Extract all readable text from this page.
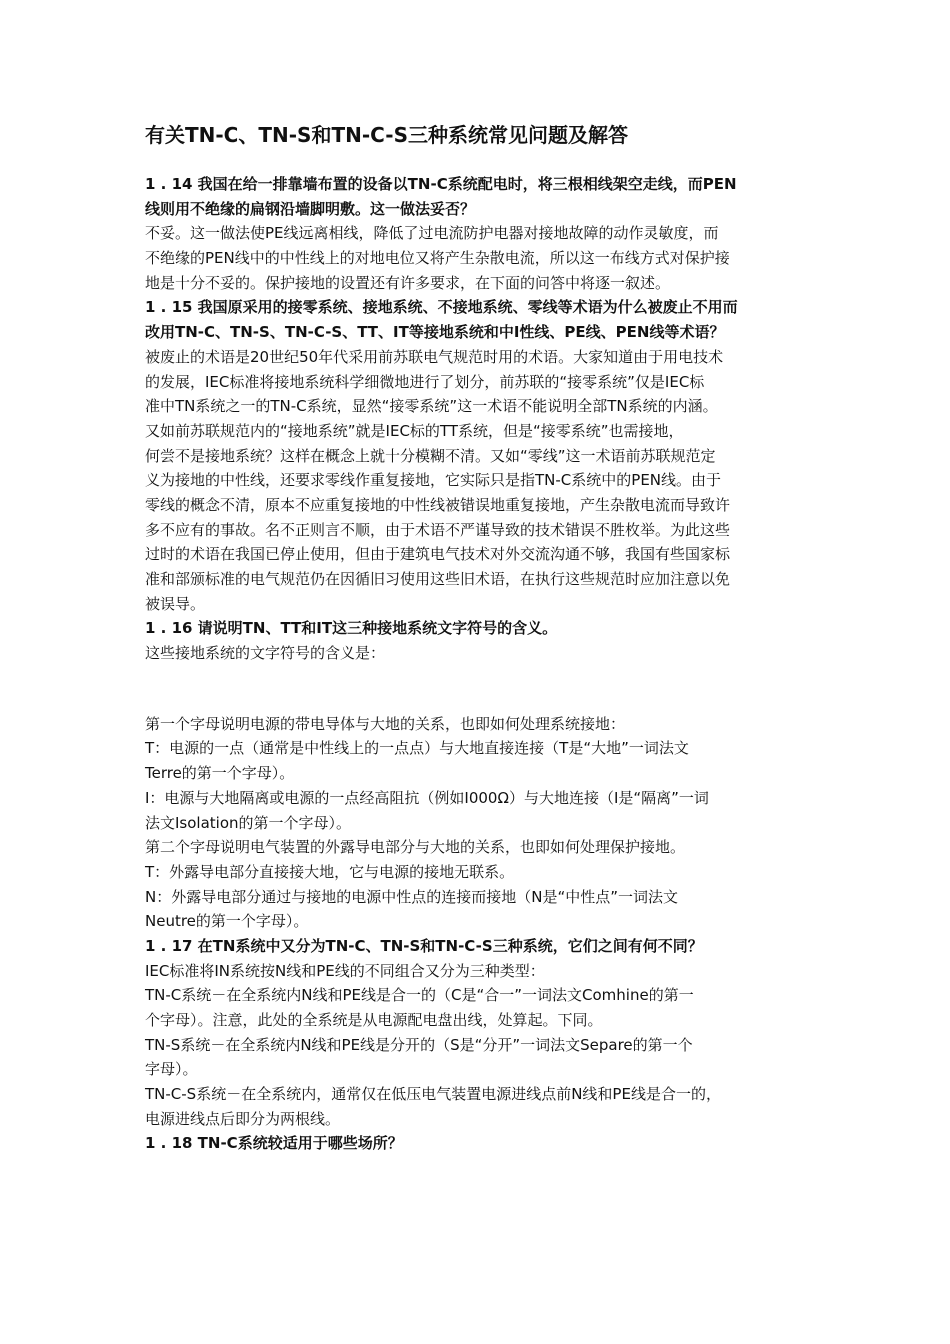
有关TN-C、TN-S和TN-C-S三种系统常见问题及解答
1 . 14 我国在给一排靠墙布置的设备以TN-C系统配电时，将三根相线架空走线，而PEN
线则用不绝缘的扁钢沿墙脚明敷。这一做法妥否？
不妥。这一做法使PE线远离相线，降低了过电流防护电器对接地故障的动作灵敏度，而
不绝缘的PEN线中的中性线上的对地电位又将产生杂散电流，所以这一布线方式对保护接
地是十分不妥的。保护接地的设置还有许多要求，在下面的问答中将逐一叙述。
1 . 15 我国原采用的接零系统、接地系统、不接地系统、零线等术语为什么被废止不用而
改用TN-C、TN-S、TN-C-S、TT、IT等接地系统和中I性线、PE线、PEN线等术语？
被废止的术语是20世纪50年代采用前苏联电气规范时用的术语。大家知道由于用电技术
的发展，IEC标准将接地系统科学细微地进行了划分，前苏联的“接零系统”仅是IEC标
准中TN系统之一的TN-C系统，显然“接零系统”这一术语不能说明全部TN系统的内涵。
又如前苏联规范内的“接地系统”就是IEC标的TT系统，但是“接零系统”也需接地，
何尝不是接地系统？这样在概念上就十分模糊不清。又如“零线”这一术语前苏联规范定
义为接地的中性线，还要求零线作重复接地，它实际只是指TN-C系统中的PEN线。由于
零线的概念不清，原本不应重复接地的中性线被错误地重复接地，产生杂散电流而导致许
多不应有的事故。名不正则言不顺，由于术语不严谨导致的技术错误不胜枚举。为此这些
过时的术语在我国已停止使用，但由于建筑电气技术对外交流沟通不够，我国有些国家标
准和部颁标准的电气规范仍在因循旧习使用这些旧术语，在执行这些规范时应加注意以免
被误导。
1 . 16 请说明TN、TT和IT这三种接地系统文字符号的含义。
这些接地系统的文字符号的含义是：
第一个字母说明电源的带电导体与大地的关系，也即如何处理系统接地：
T：电源的一点（通常是中性线上的一点点）与大地直接连接（T是“大地”一词法文
Terre的第一个字母）。
I：电源与大地隔离或电源的一点经高阻抗（例如I000Ω）与大地连接（I是“隔离”一词
法文Isolation的第一个字母）。
第二个字母说明电气装置的外露导电部分与大地的关系，也即如何处理保护接地。
T：外露导电部分直接接大地，它与电源的接地无联系。
N：外露导电部分通过与接地的电源中性点的连接而接地（N是“中性点”一词法文
Neutre的第一个字母）。
1 . 17 在TN系统中又分为TN-C、TN-S和TN-C-S三种系统，它们之间有何不同？
IEC标准将IN系统按N线和PE线的不同组合又分为三种类型：
TN-C系统－在全系统内N线和PE线是合一的（C是“合一”一词法文Comhine的第一
个字母）。注意，此处的全系统是从电源配电盘出线，处算起。下同。
TN-S系统－在全系统内N线和PE线是分开的（S是“分开”一词法文Separe的第一个
字母）。
TN-C-S系统－在全系统内，通常仅在低压电气装置电源进线点前N线和PE线是合一的，
电源进线点后即分为两根线。
1 . 18 TN-C系统较适用于哪些场所？
